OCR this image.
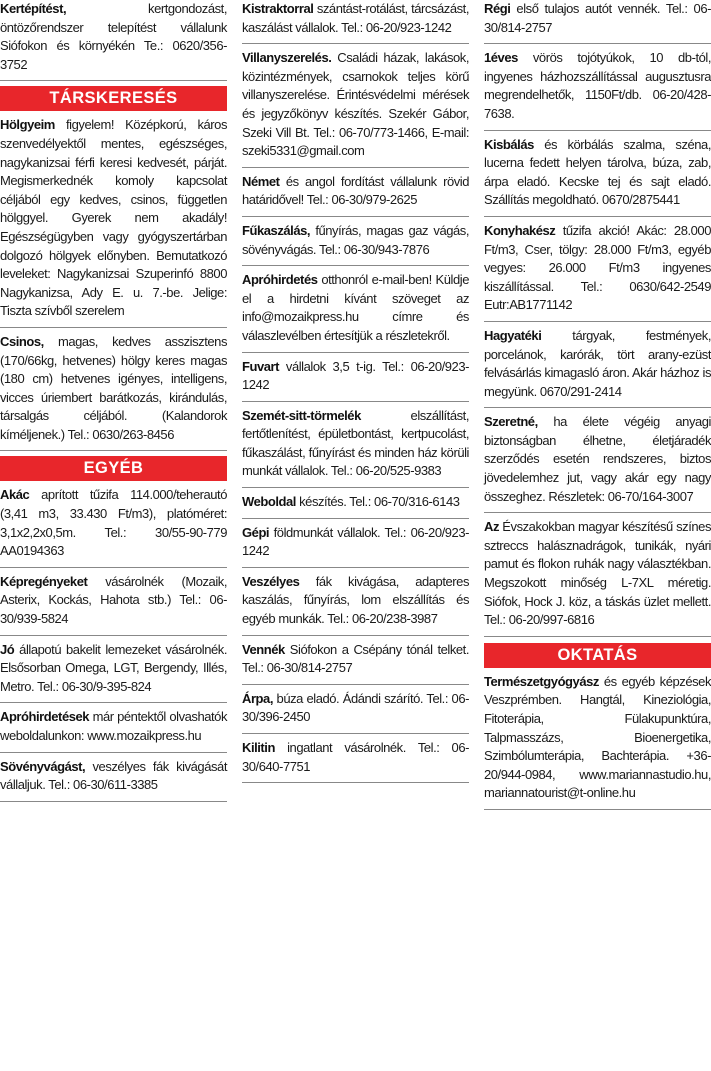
Kertépítést, kertgondozást, öntözőrendszer telepítést vállalunk Siófokon és környékén Te.: 0620/356-3752
TÁRSKERESÉS
Hölgyeim figyelem! Középkorú, káros szenvedélyektől mentes, egészséges, nagykanizsai férfi keresi kedvesét, párját. Megismerkednék komoly kapcsolat céljából egy kedves, csinos, független hölggyel. Gyerek nem akadály! Egészségügyben vagy gyógyszertárban dolgozó hölgyek előnyben. Bemutatkozó leveleket: Nagykanizsai Szuperinfó 8800 Nagykanizsa, Ady E. u. 7.-be. Jelige: Tiszta szívből szerelem
Csinos, magas, kedves asszisztens (170/66kg, hetvenes) hölgy keres magas (180 cm) hetvenes igényes, intelligens, vicces úriembert barátkozás, kirándulás, társalgás céljából. (Kalandorok kíméljenek.) Tel.: 0630/263-8456
EGYÉB
Akác aprított tűzifa 114.000/teherautó (3,41 m3, 33.430 Ft/m3), platóméret: 3,1x2,2x0,5m. Tel.: 30/55-90-779 AA0194363
Képregényeket vásárolnék (Mozaik, Asterix, Kockás, Hahota stb.) Tel.: 06-30/939-5824
Jó állapotú bakelit lemezeket vásárolnék. Elsősorban Omega, LGT, Bergendy, Illés, Metro. Tel.: 06-30/9-395-824
Apróhirdetések már péntektől olvashatók weboldalunkon: www.mozaikpress.hu
Sövényvágást, veszélyes fák kivágását vállaljuk. Tel.: 06-30/611-3385
Kistraktorral szántást-rotálást, tárcsázást, kaszálást vállalok. Tel.: 06-20/923-1242
Villanyszerelés. Családi házak, lakások, közintézmények, csarnokok teljes körű villanyszerelése. Érintésvédelmi mérések és jegyzőkönyv készítés. Szekér Gábor, Szeki Vill Bt. Tel.: 06-70/773-1466, E-mail: szeki5331@gmail.com
Német és angol fordítást vállalunk rövid határidővel! Tel.: 06-30/979-2625
Fűkaszálás, fűnyírás, magas gaz vágás, sövényvágás. Tel.: 06-30/943-7876
Apróhirdetés otthonról e-mail-ben! Küldje el a hirdetni kívánt szöveget az info@mozaikpress.hu címre és válaszlevélben értesítjük a részletekről.
Fuvart vállalok 3,5 t-ig. Tel.: 06-20/923-1242
Szemét-sitt-törmelék elszállítást, fertőtlenítést, épületbontást, kertpucolást, fűkaszálást, fűnyírást és minden ház körüli munkát vállalok. Tel.: 06-20/525-9383
Weboldal készítés. Tel.: 06-70/316-6143
Gépi földmunkát vállalok. Tel.: 06-20/923-1242
Veszélyes fák kivágása, adapteres kaszálás, fűnyírás, lom elszállítás és egyéb munkák. Tel.: 06-20/238-3987
Vennék Siófokon a Csépány tónál telket. Tel.: 06-30/814-2757
Árpa, búza eladó. Ádándi szárító. Tel.: 06-30/396-2450
Kilitin ingatlant vásárolnék. Tel.: 06-30/640-7751
Régi első tulajos autót vennék. Tel.: 06-30/814-2757
1éves vörös tojótyúkok, 10 db-tól, ingyenes házhozszállítással augusztusra megrendelhetők, 1150Ft/db. 06-20/428-7638.
Kisbálás és körbálás szalma, széna, lucerna fedett helyen tárolva, búza, zab, árpa eladó. Kecske tej és sajt eladó. Szállítás megoldható. 0670/2875441
Konyhakész tűzifa akció! Akác: 28.000 Ft/m3, Cser, tölgy: 28.000 Ft/m3, egyéb vegyes: 26.000 Ft/m3 ingyenes kiszállítással. Tel.: 0630/642-2549 Eutr:AB1771142
Hagyatéki tárgyak, festmények, porcelánok, karórák, tört arany-ezüst felvásárlás kimagasló áron. Akár házhoz is megyünk. 0670/291-2414
Szeretné, ha élete végéig anyagi biztonságban élhetne, életjáradék szerződés esetén rendszeres, biztos jövedelemhez jut, vagy akár egy nagy összeghez. Részletek: 06-70/164-3007
Az Évszakokban magyar készítésű színes sztreccs halásznadrágok, tunikák, nyári pamut és flokon ruhák nagy választékban. Megszokott minőség L-7XL méretig. Siófok, Hock J. köz, a táskás üzlet mellett. Tel.: 06-20/997-6816
OKTATÁS
Természetgyógyász és egyéb képzések Veszprémben. Hangtál, Kineziológia, Fitoterápia, Fülakupunktúra, Talpmasszázs, Bioenergetika, Szimbólumterápia, Bachterápia. +36-20/944-0984, www.mariannastudio.hu, mariannatourist@t-online.hu
